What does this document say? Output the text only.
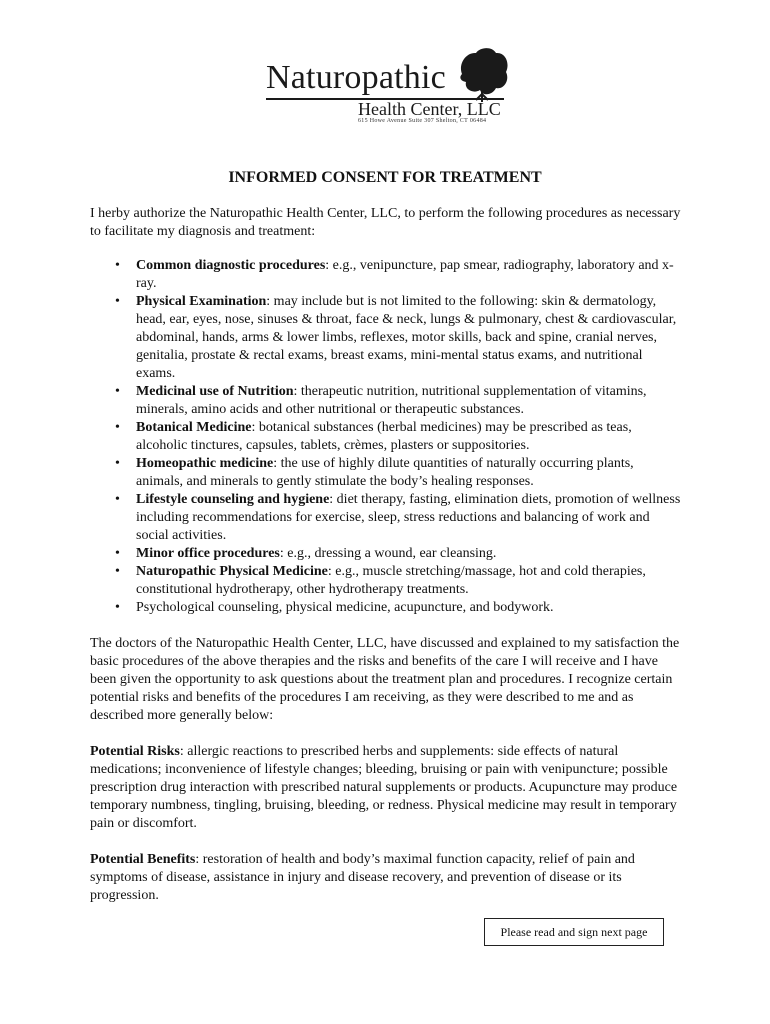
Naturopathic
Health Center, LLC
615 Howe Avenue Suite 307 Shelton, CT 06484
INFORMED CONSENT FOR TREATMENT

I herby authorize the Naturopathic Health Center, LLC, to perform the following procedures as necessary to facilitate my diagnosis and treatment:

• Common diagnostic procedures: e.g., venipuncture, pap smear, radiography, laboratory and x-ray.
• Physical Examination: may include but is not limited to the following: skin & dermatology, head, ear, eyes, nose, sinuses & throat, face & neck, lungs & pulmonary, chest & cardiovascular, abdominal, hands, arms & lower limbs, reflexes, motor skills, back and spine, cranial nerves, genitalia, prostate & rectal exams, breast exams, mini-mental status exams, and nutritional exams.
• Medicinal use of Nutrition: therapeutic nutrition, nutritional supplementation of vitamins, minerals, amino acids and other nutritional or therapeutic substances.
• Botanical Medicine: botanical substances (herbal medicines) may be prescribed as teas, alcoholic tinctures, capsules, tablets, crèmes, plasters or suppositories.
• Homeopathic medicine: the use of highly dilute quantities of naturally occurring plants, animals, and minerals to gently stimulate the body’s healing responses.
• Lifestyle counseling and hygiene: diet therapy, fasting, elimination diets, promotion of wellness including recommendations for exercise, sleep, stress reductions and balancing of work and social activities.
• Minor office procedures: e.g., dressing a wound, ear cleansing.
• Naturopathic Physical Medicine: e.g., muscle stretching/massage, hot and cold therapies, constitutional hydrotherapy, other hydrotherapy treatments.
• Psychological counseling, physical medicine, acupuncture, and bodywork.

The doctors of the Naturopathic Health Center, LLC, have discussed and explained to my satisfaction the basic procedures of the above therapies and the risks and benefits of the care I will receive and I have been given the opportunity to ask questions about the treatment plan and procedures. I recognize certain potential risks and benefits of the procedures I am receiving, as they were described to me and as described more generally below:

Potential Risks: allergic reactions to prescribed herbs and supplements: side effects of natural medications; inconvenience of lifestyle changes; bleeding, bruising or pain with venipuncture; possible prescription drug interaction with prescribed natural supplements or products. Acupuncture may produce temporary numbness, tingling, bruising, bleeding, or redness. Physical medicine may result in temporary pain or discomfort.

Potential Benefits: restoration of health and body’s maximal function capacity, relief of pain and symptoms of disease, assistance in injury and disease recovery, and prevention of disease or its progression.

Please read and sign next page
